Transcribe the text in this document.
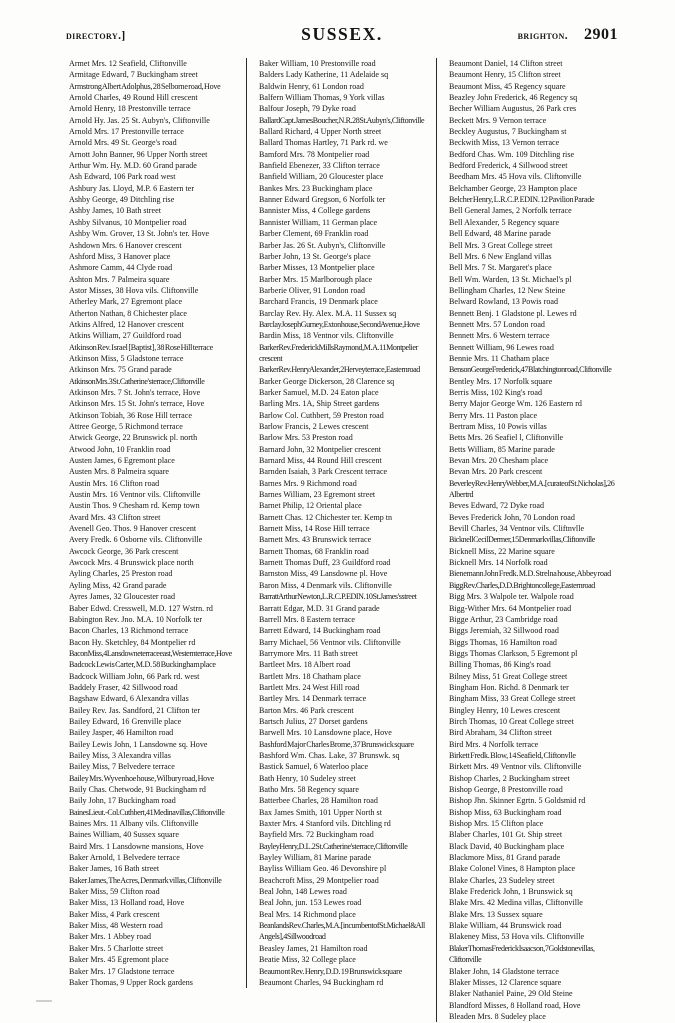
directory.]	SUSSEX.	brighton. 2901

Armet Mrs. 12 Seafield, Cliftonville

Armitage Edward, 7 Buckingham street

Armstrong Albert Adolphus, 28 Selborne road, Hove

Arnold Charles, 49 Round Hill crescent

Arnold Henry, 18 Prestonville terrace

Arnold Hy. Jas. 25 St. Aubyn's, Cliftonville

Arnold Mrs. 17 Prestonville terrace

Arnold Mrs. 49 St. George's road

Arnott John Banner, 96 Upper North street

Arthur Wm. Hy. M.D. 60 Grand parade

Ash Edward, 106 Park road west

Ashbury Jas. Lloyd, M.P. 6 Eastern ter

Ashby George, 49 Ditchling rise

Ashby James, 10 Bath street

Ashby Silvanus, 10 Montpelier road

Ashby Wm. Grover, 13 St. John's ter. Hove

Ashdown Mrs. 6 Hanover crescent

Ashford Miss, 3 Hanover place

Ashmore Camm, 44 Clyde road

Ashton Mrs. 7 Palmeira square

Astor Misses, 38 Hova vils. Cliftonville

Atherley Mark, 27 Egremont place

Atherton Nathan, 8 Chichester place

Atkins Alfred, 12 Hanover crescent

Atkins William, 27 Guildford road

Atkinson Rev. Israel [Baptist], 38 Rose Hill terrace

Atkinson Miss, 5 Gladstone terrace

Atkinson Mrs. 75 Grand parade

Atkinson Mrs. 3 St. Catherine's terrace, Cliftonville

Atkinson Mrs. 7 St. John's terrace, Hove

Atkinson Mrs. 15 St. John's terrace, Hove

Atkinson Tobiah, 36 Rose Hill terrace

Attree George, 5 Richmond terrace

Atwick George, 22 Brunswick pl. north

Atwood John, 10 Franklin road

Austen James, 6 Egremont place

Austen Mrs. 8 Palmeira square

Austin Mrs. 16 Clifton road

Austin Mrs. 16 Ventnor vils. Cliftonville

Austin Thos. 9 Chesham rd. Kemp town

Avard Mrs. 43 Clifton street

Avenell Geo. Thos. 9 Hanover crescent

Avery Fredk. 6 Osborne vils. Cliftonville

Awcock George, 36 Park crescent

Awcock Mrs. 4 Brunswick place north

Ayling Charles, 25 Preston road

Ayling Miss, 42 Grand parade

Ayres James, 32 Gloucester road

Baber Edwd. Cresswell, M.D. 127 Wstrn. rd

Babington Rev. Jno. M.A. 10 Norfolk ter

Bacon Charles, 13 Richmond terrace

Bacon Hy. Sketchley, 84 Montpelier rd

Bacon Miss, 4 Lansdowne terrace east, Western terrace, Hove

Badcock Lewis Carter, M.D. 58 Buckingham place

Badcock William John, 66 Park rd. west

Baddely Fraser, 42 Sillwood road

Bagshaw Edward, 6 Alexandra villas

Bailey Rev. Jas. Sandford, 21 Clifton ter

Bailey Edward, 16 Grenville place

Bailey Jasper, 46 Hamilton road

Bailey Lewis John, 1 Lansdowne sq. Hove

Bailey Miss, 3 Alexandra villas

Bailey Miss, 7 Belvedere terrace

Bailey Mrs. Wyvenhoe house, Wilbury road, Hove

Baily Chas. Chetwode, 91 Buckingham rd

Baily John, 17 Buckingham road

Baines Lieut.-Col. Cuthbert, 41 Medina villas, Cliftonville

Baines Mrs. 11 Albany vils. Cliftonville

Baines William, 40 Sussex square

Baird Mrs. 1 Lansdowne mansions, Hove

Baker Arnold, 1 Belvedere terrace

Baker James, 16 Bath street

Baker James, The Acres, Denmark villas, Cliftonville

Baker Miss, 59 Clifton road

Baker Miss, 13 Holland road, Hove

Baker Miss, 4 Park crescent

Baker Miss, 48 Western road

Baker Mrs. 1 Abbey road

Baker Mrs. 5 Charlotte street

Baker Mrs. 45 Egremont place

Baker Mrs. 17 Gladstone terrace

Baker Thomas, 9 Upper Rock gardens

Baker William, 10 Prestonville road

Balders Lady Katherine, 11 Adelaide sq

Baldwin Henry, 61 London road

Balfern William Thomas, 9 York villas

Balfour Joseph, 79 Dyke road

Ballard Capt. James Boucher, N.R. 28 St. Aubyn's, Cliftonville

Ballard Richard, 4 Upper North street

Ballard Thomas Hartley, 71 Park rd. we

Bamford Mrs. 78 Montpelier road

Banfield Ebenezer, 33 Clifton terrace

Banfield William, 20 Gloucester place

Bankes Mrs. 23 Buckingham place

Banner Edward Gregson, 6 Norfolk ter

Bannister Miss, 4 College gardens

Bannister William, 11 German place

Barber Clement, 69 Franklin road

Barber Jas. 26 St. Aubyn's, Cliftonville

Barber John, 13 St. George's place

Barber Misses, 13 Montpelier place

Barber Mrs. 15 Marlborough place

Barberie Oliver, 91 London road

Barchard Francis, 19 Denmark place

Barclay Rev. Hy. Alex. M.A. 11 Sussex sq

Barclay Joseph Gurney, Exton house, Second Avenue, Hove

Bardin Miss, 18 Ventnor vils. Cliftonville

Barker Rev. Frederick Mills Raymond, M.A. 11 Montpelier crescent

Barker Rev. Henry Alexander, 2 Hervey terrace, Eastern road

Barker George Dickerson, 28 Clarence sq

Barker Samuel, M.D. 24 Eaton place

Barling Mrs. 1A, Ship Street gardens

Barlow Col. Cuthbert, 59 Preston road

Barlow Francis, 2 Lewes crescent

Barlow Mrs. 53 Preston road

Barnard John, 32 Montpelier crescent

Barnard Miss, 44 Round Hill crescent

Barnden Isaiah, 3 Park Crescent terrace

Barnes Mrs. 9 Richmond road

Barnes William, 23 Egremont street

Barnet Philip, 12 Oriental place

Barnett Chas. 12 Chichester ter. Kemp tn

Barnett Miss, 14 Rose Hill terrace

Barnett Mrs. 43 Brunswick terrace

Barnett Thomas, 68 Franklin road

Barnett Thomas Duff, 23 Guildford road

Barnston Miss, 49 Lansdowne pl. Hove

Baron Miss, 4 Denmark vils. Cliftonville

Barratt Arthur Newton, L.R.C.P. EDIN. 10 St. James's street

Barratt Edgar, M.D. 31 Grand parade

Barrell Mrs. 8 Eastern terrace

Barrett Edward, 14 Buckingham road

Barry Michael, 56 Ventnor vils. Cliftonville

Barrymore Mrs. 11 Bath street

Bartleet Mrs. 18 Albert road

Bartlett Mrs. 18 Chatham place

Bartlett Mrs. 24 West Hill road

Bartley Mrs. 14 Denmark terrace

Barton Mrs. 46 Park crescent

Bartsch Julius, 27 Dorset gardens

Barwell Mrs. 10 Lansdowne place, Hove

Bashford Major Charles Brome, 37 Brunswick square

Bashford Wm. Chas. Lake, 37 Brunswk. sq

Bastick Samuel, 6 Waterloo place

Bath Henry, 10 Sudeley street

Batho Mrs. 58 Regency square

Batterbee Charles, 28 Hamilton road

Bax James Smith, 101 Upper North st

Baxter Mrs. 4 Stanford vils. Ditchling rd

Bayfield Mrs. 72 Buckingham road

Bayley Henry, D.L. 2 St. Catherine's terrace, Cliftonville

Bayley William, 81 Marine parade

Bayliss William Geo. 46 Devonshire pl

Beachcroft Miss, 29 Montpelier road

Beal John, 148 Lewes road

Beal John, jun. 153 Lewes road

Beal Mrs. 14 Richmond place

Beanlands Rev. Charles, M.A. [incumbent of St. Michael & All Angels], 4 Sillwood road

Beasley James, 21 Hamilton road

Beatie Miss, 32 College place

Beaumont Rev. Henry, D.D. 19 Brunswick square

Beaumont Charles, 94 Buckingham rd

Beaumont Daniel, 14 Clifton street

Beaumont Henry, 15 Clifton street

Beaumont Miss, 45 Regency square

Beazley John Frederick, 46 Regency sq

Becher William Augustus, 26 Park cres

Beckett Mrs. 9 Vernon terrace

Beckley Augustus, 7 Buckingham st

Beckwith Miss, 13 Vernon terrace

Bedford Chas. Wm. 109 Ditchling rise

Bedford Frederick, 4 Sillwood street

Beedham Mrs. 45 Hova vils. Cliftonville

Belchamber George, 23 Hampton place

Belcher Henry, L.R.C.P. EDIN. 12 Pavilion Parade

Bell General James, 2 Norfolk terrace

Bell Alexander, 5 Regency square

Bell Edward, 48 Marine parade

Bell Mrs. 3 Great College street

Bell Mrs. 6 New England villas

Bell Mrs. 7 St. Margaret's place

Bell Wm. Warden, 13 St. Michael's pl

Bellingham Charles, 12 New Steine

Belward Rowland, 13 Powis road

Bennett Benj. 1 Gladstone pl. Lewes rd

Bennett Mrs. 57 London road

Bennett Mrs. 6 Western terrace

Bennett William, 96 Lewes road

Bennie Mrs. 11 Chatham place

Benson George Frederick, 47 Blatchington road, Cliftonville

Bentley Mrs. 17 Norfolk square

Berris Miss, 102 King's road

Berry Major George Wm. 126 Eastern rd

Berry Mrs. 11 Paston place

Bertram Miss, 10 Powis villas

Betts Mrs. 26 Seafiel l, Cliftonville

Betts William, 85 Marine parade

Bevan Mrs. 20 Chesham place

Bevan Mrs. 20 Park crescent

Beverley Rev. Henry Webber, M.A. [curate of St. Nicholas], 26 Albert rd

Beves Edward, 72 Dyke road

Beves Frederick John, 70 London road

Bevill Charles, 34 Ventnor vils. Cliftnvlle

Bicknell Cecil Dermer, 15 Denmark villas, Cliftonville

Bicknell Miss, 22 Marine square

Bicknell Mrs. 14 Norfolk road

Bienemann John Fredk. M.D. Strelna house, Abbey road

Bigg Rev. Charles, D.D. Brighton college, Eastern road

Bigg Mrs. 3 Walpole ter. Walpole road

Bigg-Wither Mrs. 64 Montpelier road

Bigge Arthur, 23 Cambridge road

Biggs Jeremiah, 32 Sillwood road

Biggs Thomas, 16 Hamilton road

Biggs Thomas Clarkson, 5 Egremont pl

Billing Thomas, 86 King's road

Bilney Miss, 51 Great College street

Bingham Hon. Richd. 8 Denmark ter

Bingham Miss, 33 Great College street

Bingley Henry, 10 Lewes crescent

Birch Thomas, 10 Great College street

Bird Abraham, 34 Clifton street

Bird Mrs. 4 Norfolk terrace

Birkett Fredk. Blow, 14 Seafield, Cliftonvlle

Birkett Mrs. 49 Ventnor vils. Cliftonville

Bishop Charles, 2 Buckingham street

Bishop George, 8 Prestonville road

Bishop Jhn. Skinner Egrtn. 5 Goldsmid rd

Bishop Miss, 63 Buckingham road

Bishop Mrs. 15 Clifton place

Blaber Charles, 101 Gt. Ship street

Black David, 40 Buckingham place

Blackmore Miss, 81 Grand parade

Blake Colonel Vines, 8 Hampton place

Blake Charles, 23 Sudeley street

Blake Frederick John, 1 Brunswick sq

Blake Mrs. 42 Medina villas, Cliftonville

Blake Mrs. 13 Sussex square

Blake William, 44 Brunswick road

Blakeney Miss, 53 Hova vils. Cliftonville

Blaker Thomas Frederick Isaacson, 7 Goldstone villas, Cliftonville

Blaker John, 14 Gladstone terrace

Blaker Misses, 12 Clarence square

Blaker Nathaniel Paine, 29 Old Steine

Blandford Misses, 8 Holland road, Hove

Bleaden Mrs. 8 Sudeley place
